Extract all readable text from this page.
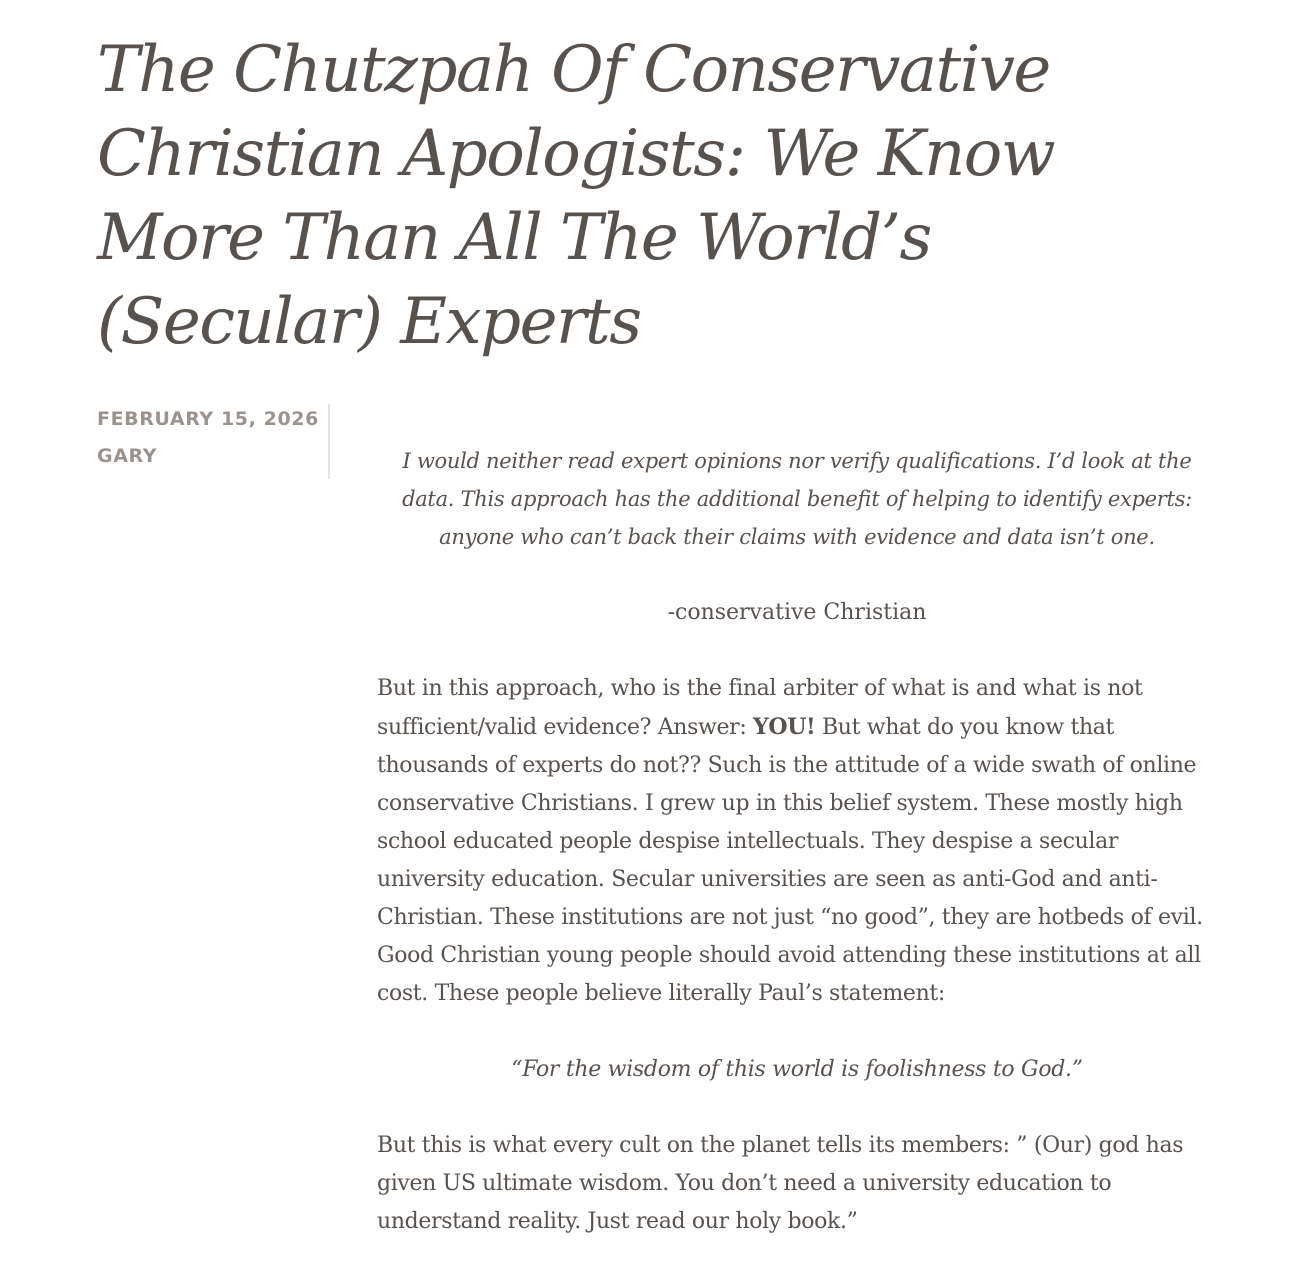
The Chutzpah Of Conservative Christian Apologists: We Know More Than All The World’s (Secular) Experts
FEBRUARY 15, 2026
GARY	I would neither read expert opinions nor verify qualifications. I’d look at the data. This approach has the additional benefit of helping to identify experts: anyone who can’t back their claims with evidence and data isn’t one.

-conservative Christian

But in this approach, who is the final arbiter of what is and what is not sufficient/valid evidence? Answer: YOU! But what do you know that thousands of experts do not?? Such is the attitude of a wide swath of online conservative Christians. I grew up in this belief system. These mostly high school educated people despise intellectuals. They despise a secular university education. Secular universities are seen as anti-God and anti-Christian. These institutions are not just “no good”, they are hotbeds of evil. Good Christian young people should avoid attending these institutions at all cost. These people believe literally Paul’s statement:

“For the wisdom of this world is foolishness to God.”

But this is what every cult on the planet tells its members: ” (Our) god has given US ultimate wisdom. You don’t need a university education to understand reality. Just read our holy book.”
